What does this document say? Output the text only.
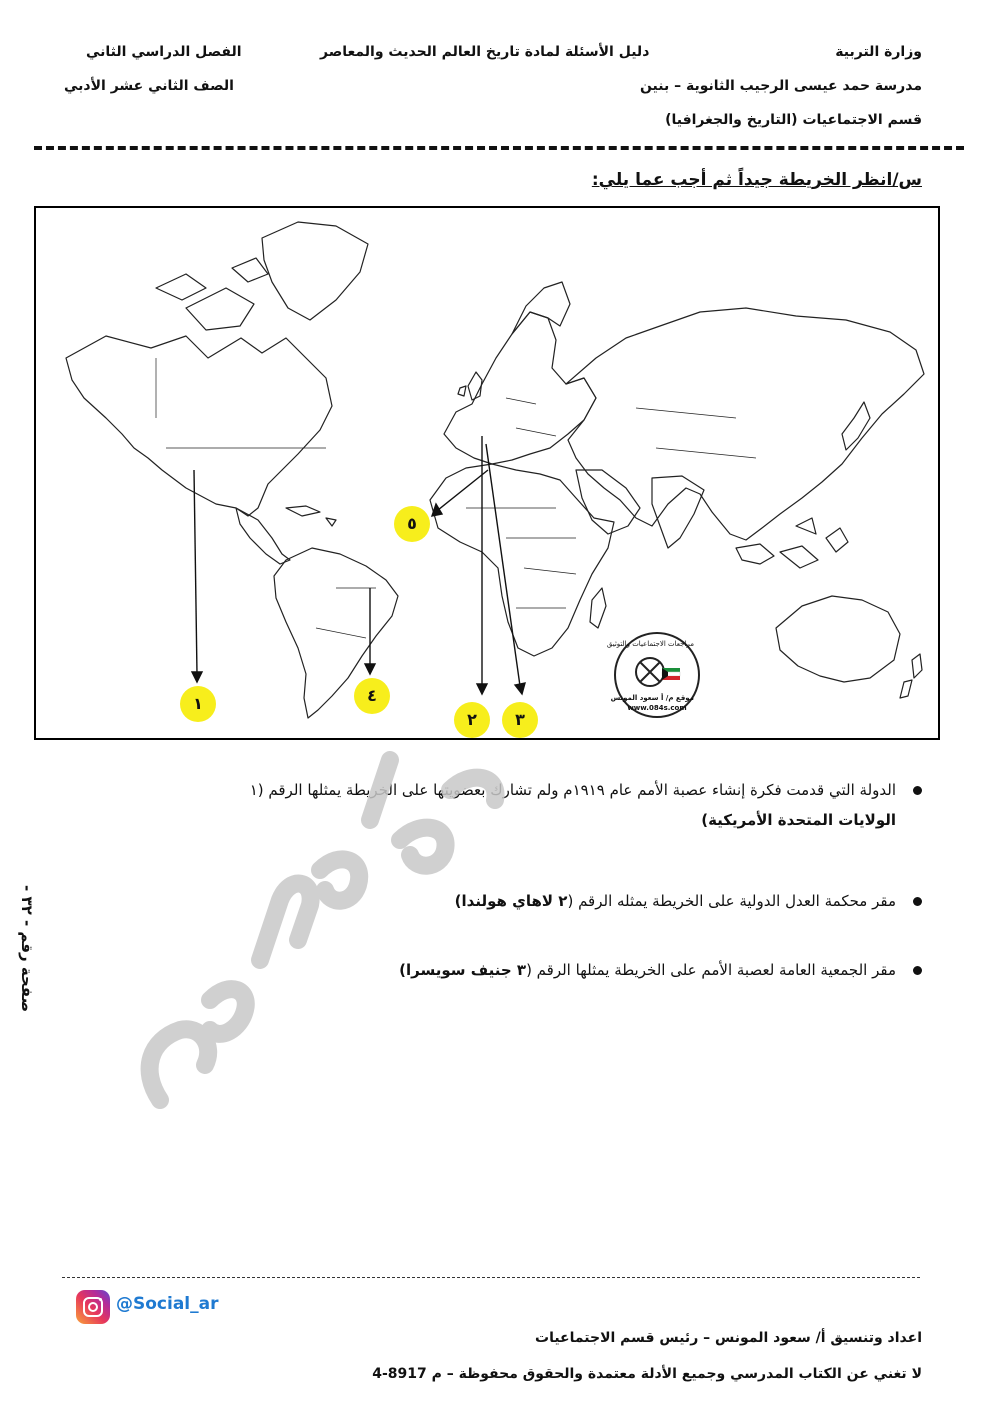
وزارة التربية
دليل الأسئلة لمادة تاريخ العالم الحديث والمعاصر
الفصل الدراسي الثاني
مدرسة حمد عيسى الرجيب الثانوية – بنين
الصف الثاني عشر الأدبي
قسم الاجتماعيات (التاريخ والجغرافيا)
س/انظر الخريطة جيداً ثم أجب عما يلي:
مراجعات الاجتماعيات والتوثيق
موقع م/ أ سعود المونس
www.084s.com
١	٤
٢	٣
٥
الدولة التي قدمت فكرة إنشاء عصبة الأمم عام ١٩١٩م ولم تشارك بعضويتها على الخريطة يمثلها الرقم (١
الولايات المتحدة الأمريكية)
مقر محكمة العدل الدولية على الخريطة يمثله الرقم (٢ لاهاي هولندا)
مقر الجمعية العامة لعصبة الأمم على الخريطة يمثلها الرقم (٣ جنيف سويسرا)
صفحة رقم - ٣٢ -
@Social_ar
اعداد وتنسيق أ/ سعود المونس – رئيس قسم الاجتماعيات
لا تغني عن الكتاب المدرسي وجميع الأدلة معتمدة والحقوق محفوظة – م 8917-4
